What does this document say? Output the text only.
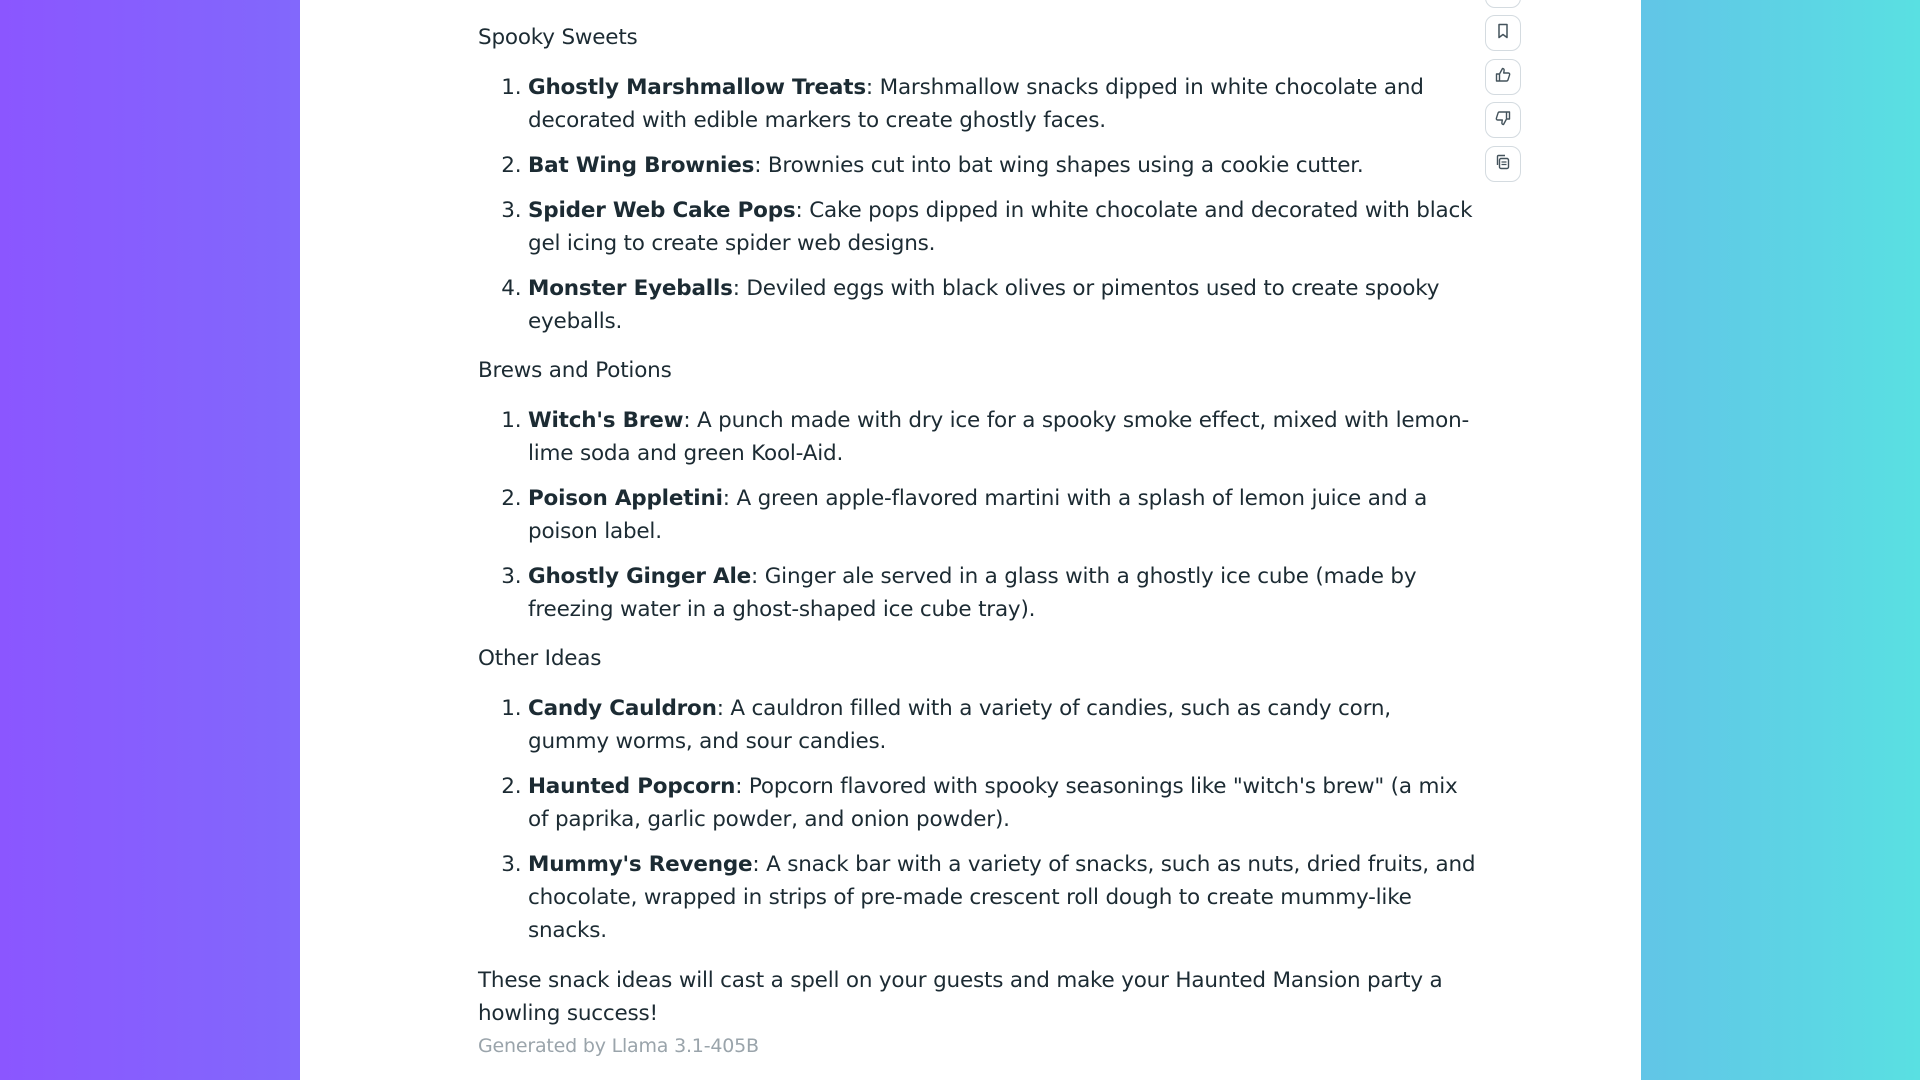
Spooky Sweets
1. Ghostly Marshmallow Treats: Marshmallow snacks dipped in white chocolate and decorated with edible markers to create ghostly faces.
2. Bat Wing Brownies: Brownies cut into bat wing shapes using a cookie cutter.
3. Spider Web Cake Pops: Cake pops dipped in white chocolate and decorated with black gel icing to create spider web designs.
4. Monster Eyeballs: Deviled eggs with black olives or pimentos used to create spooky eyeballs.
Brews and Potions
1. Witch's Brew: A punch made with dry ice for a spooky smoke effect, mixed with lemon-lime soda and green Kool-Aid.
2. Poison Appletini: A green apple-flavored martini with a splash of lemon juice and a poison label.
3. Ghostly Ginger Ale: Ginger ale served in a glass with a ghostly ice cube (made by freezing water in a ghost-shaped ice cube tray).
Other Ideas
1. Candy Cauldron: A cauldron filled with a variety of candies, such as candy corn, gummy worms, and sour candies.
2. Haunted Popcorn: Popcorn flavored with spooky seasonings like "witch's brew" (a mix of paprika, garlic powder, and onion powder).
3. Mummy's Revenge: A snack bar with a variety of snacks, such as nuts, dried fruits, and chocolate, wrapped in strips of pre-made crescent roll dough to create mummy-like snacks.

These snack ideas will cast a spell on your guests and make your Haunted Mansion party a howling success!

Generated by Llama 3.1-405B
